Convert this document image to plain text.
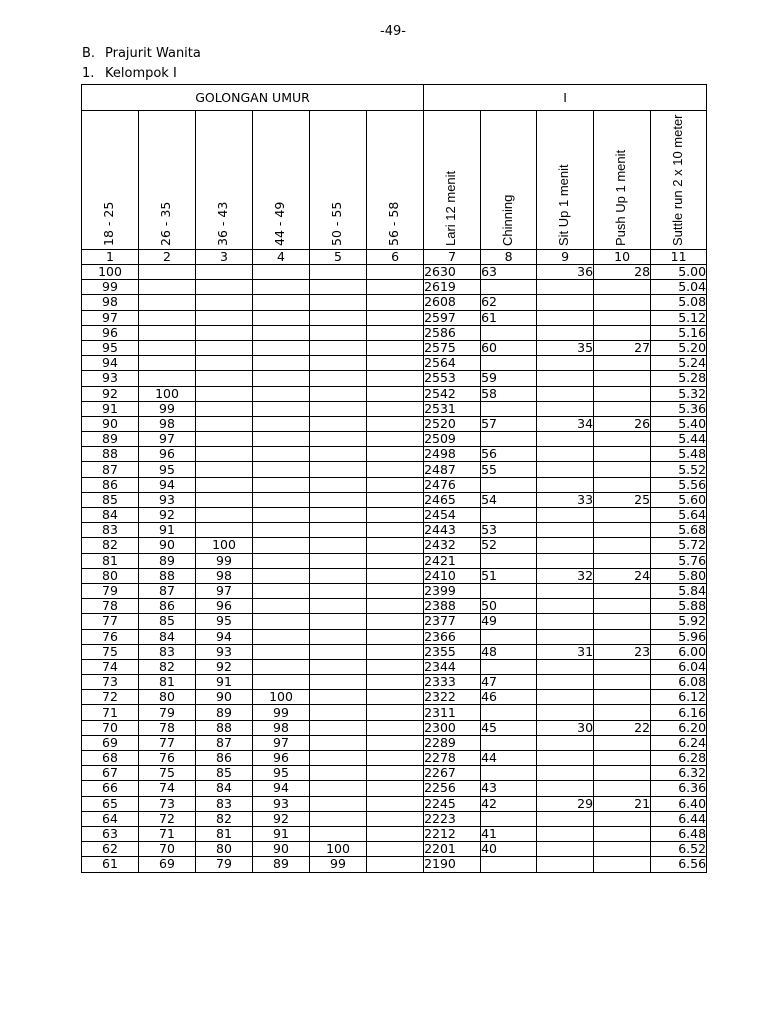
-49-
B. Prajurit Wanita
1. Kelompok I
GOLONGAN UMUR						I				

18 - 25	26 - 35	36 - 43	44 - 49	50 - 55	56 - 58	Lari 12 menit	Chinning	Sit Up 1 menit	Push Up 1 menit	Suttle run 2 x 10 meter

1	2	3	4	5	6	7	8	9	10	11
100						2630	63	36	28	5.00
99						2619				5.04
98						2608	62			5.08
97						2597	61			5.12
96						2586				5.16
95						2575	60	35	27	5.20
94						2564				5.24
93						2553	59			5.28
92	100					2542	58			5.32
91	99					2531				5.36
90	98					2520	57	34	26	5.40
89	97					2509				5.44
88	96					2498	56			5.48
87	95					2487	55			5.52
86	94					2476				5.56
85	93					2465	54	33	25	5.60
84	92					2454				5.64
83	91					2443	53			5.68
82	90	100				2432	52			5.72
81	89	99				2421				5.76
80	88	98				2410	51	32	24	5.80
79	87	97				2399				5.84
78	86	96				2388	50			5.88
77	85	95				2377	49			5.92
76	84	94				2366				5.96
75	83	93				2355	48	31	23	6.00
74	82	92				2344				6.04
73	81	91				2333	47			6.08
72	80	90	100			2322	46			6.12
71	79	89	99			2311				6.16
70	78	88	98			2300	45	30	22	6.20
69	77	87	97			2289				6.24
68	76	86	96			2278	44			6.28
67	75	85	95			2267				6.32
66	74	84	94			2256	43			6.36
65	73	83	93			2245	42	29	21	6.40
64	72	82	92			2223				6.44
63	71	81	91			2212	41			6.48
62	70	80	90	100		2201	40			6.52
61	69	79	89	99		2190				6.56
